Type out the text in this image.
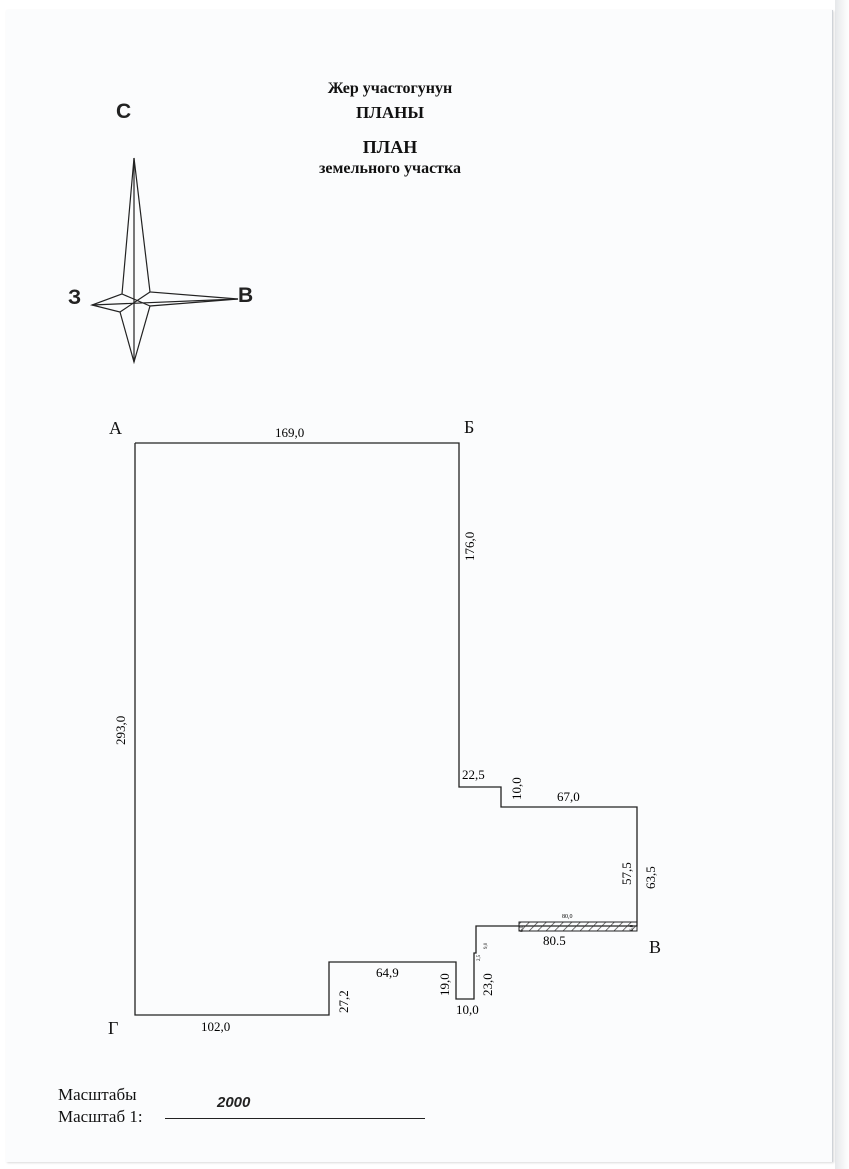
Жер участогунун
ПЛАНЫ
ПЛАН
земельного участка
С
В
З
А	Б
В
Г
169,0
176,0
293,0
22,5
10,0	67,0
57,5 63,5
80,0
6,0	6,0
80.5
9,0
2,5
23,0
10,0
19,0
64,9
27,2
102,0
Масштабы
Масштаб 1:
2000
